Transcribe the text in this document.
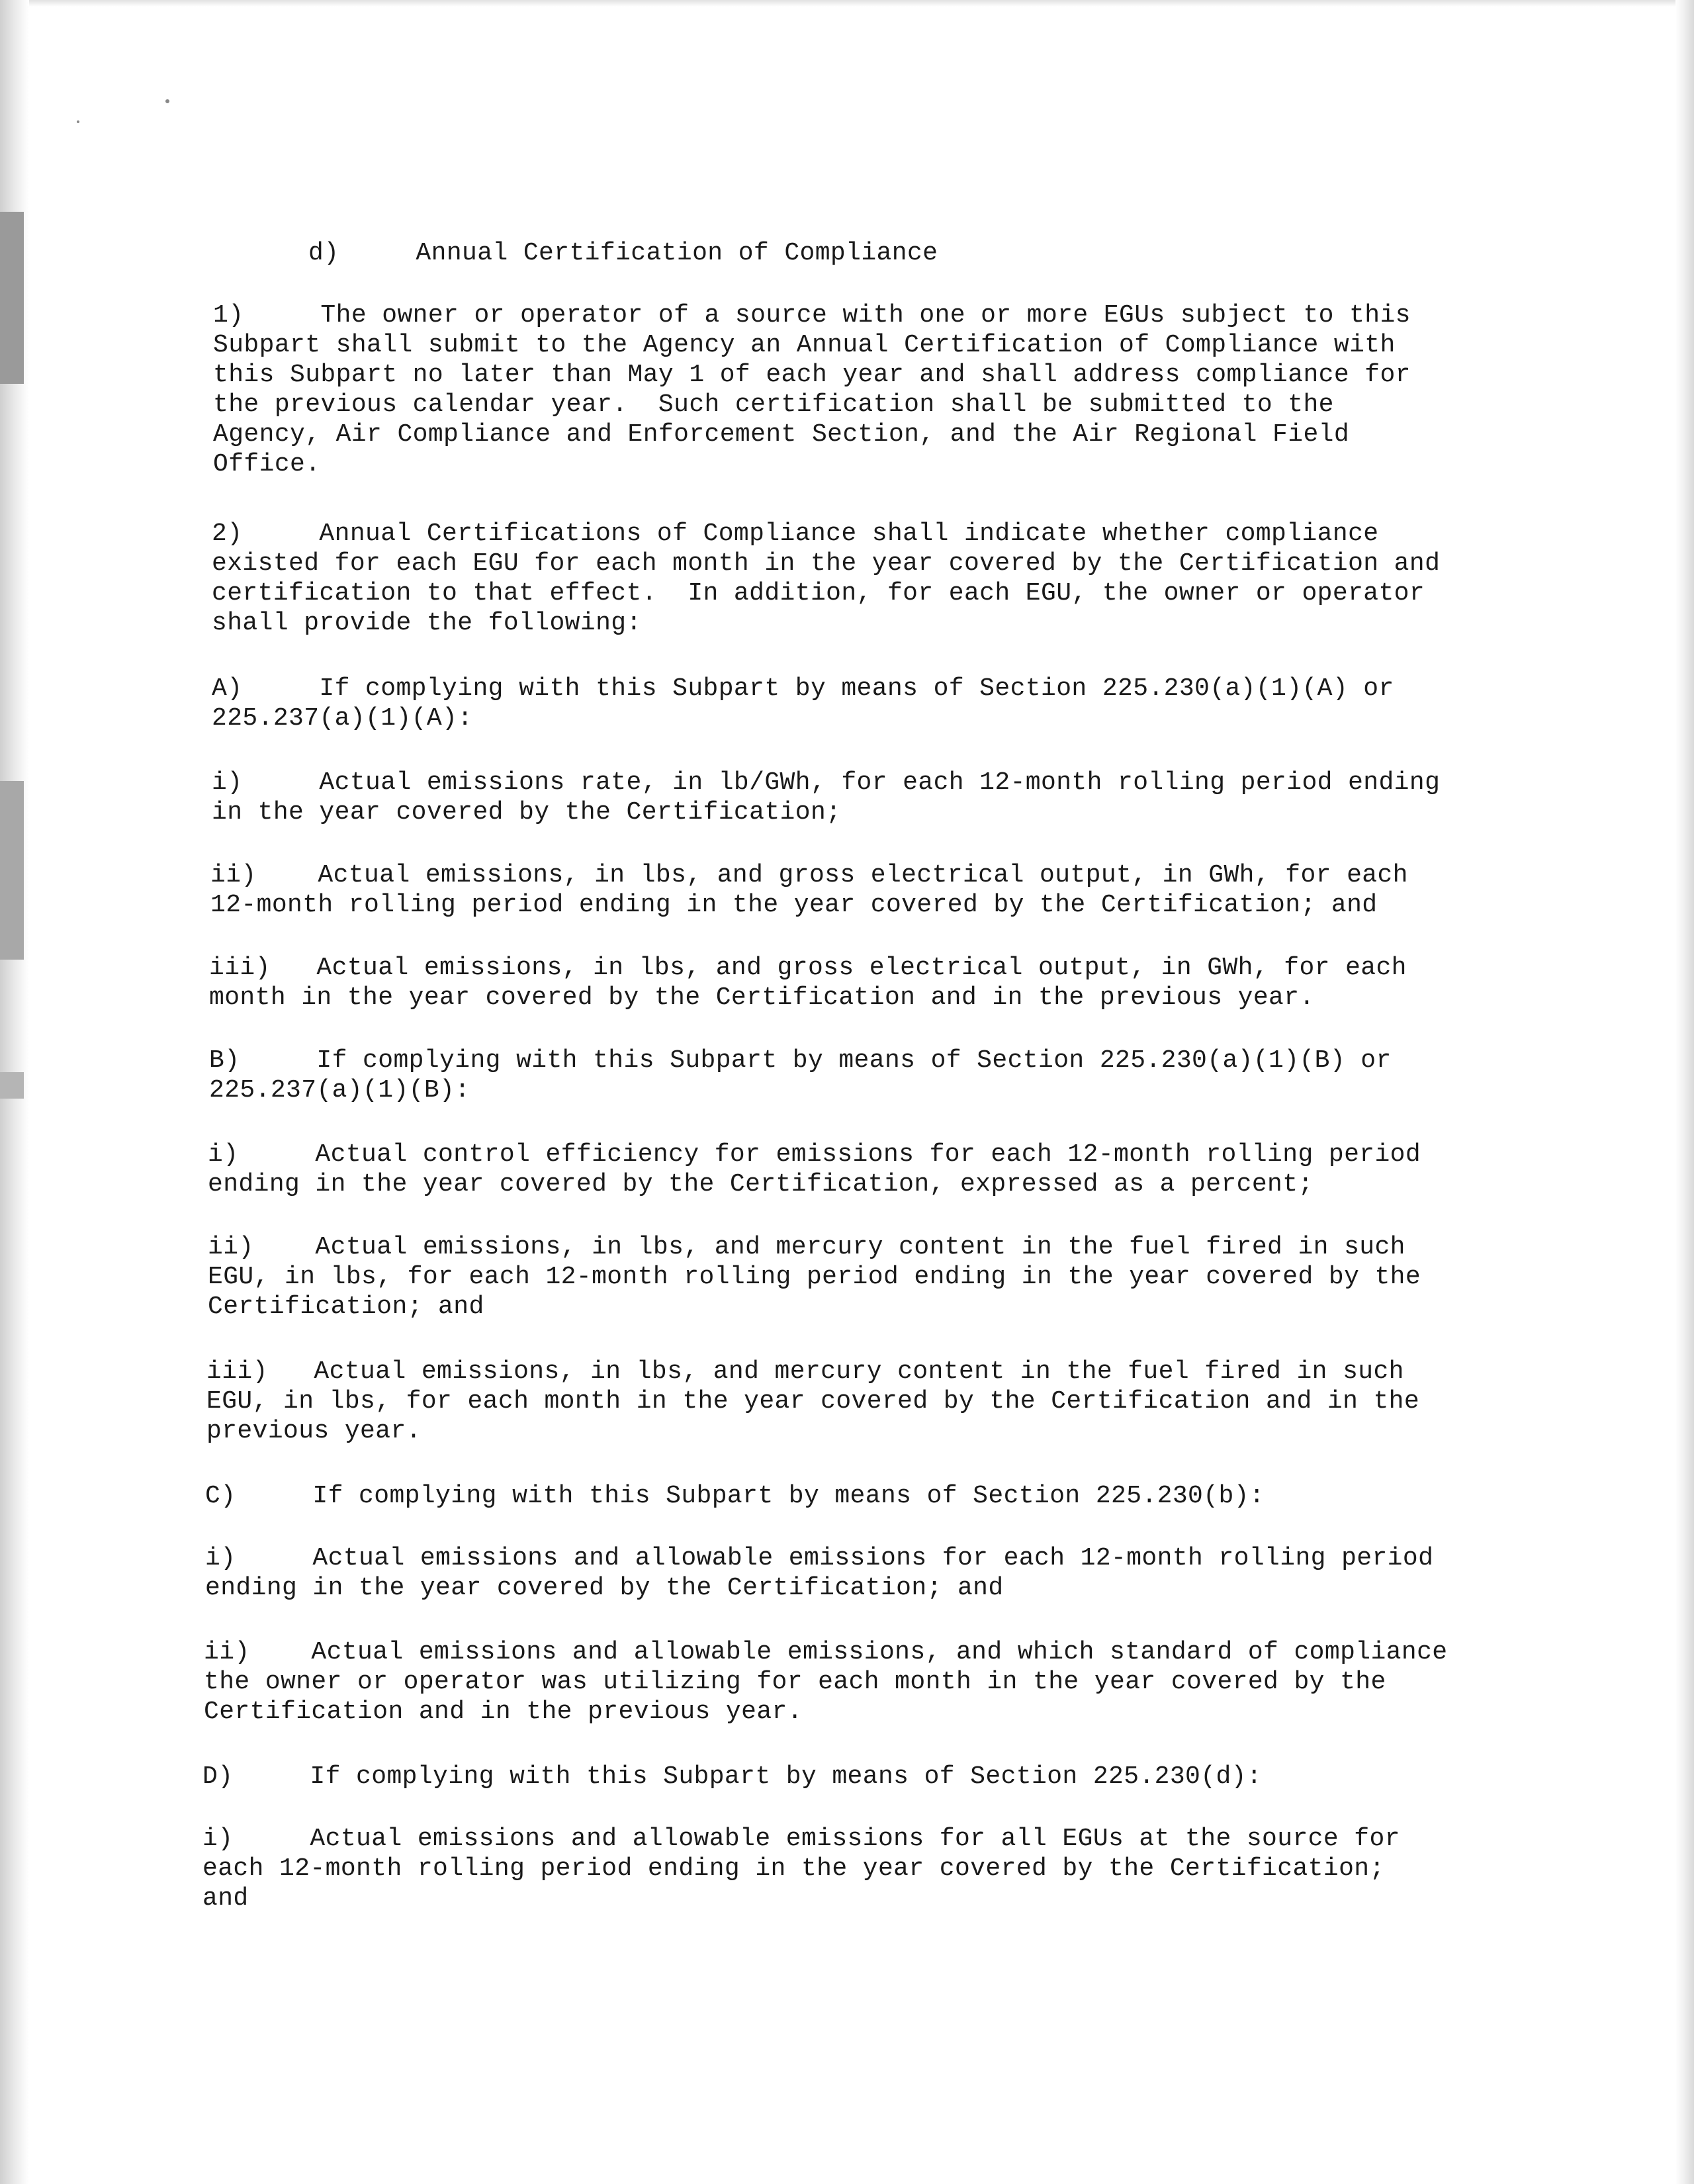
d)     Annual Certification of Compliance
1)     The owner or operator of a source with one or more EGUs subject to this
Subpart shall submit to the Agency an Annual Certification of Compliance with
this Subpart no later than May 1 of each year and shall address compliance for
the previous calendar year.  Such certification shall be submitted to the
Agency, Air Compliance and Enforcement Section, and the Air Regional Field
Office.
2)     Annual Certifications of Compliance shall indicate whether compliance
existed for each EGU for each month in the year covered by the Certification and
certification to that effect.  In addition, for each EGU, the owner or operator
shall provide the following:
A)     If complying with this Subpart by means of Section 225.230(a)(1)(A) or
225.237(a)(1)(A):
i)     Actual emissions rate, in lb/GWh, for each 12-month rolling period ending
in the year covered by the Certification;
ii)    Actual emissions, in lbs, and gross electrical output, in GWh, for each
12-month rolling period ending in the year covered by the Certification; and
iii)   Actual emissions, in lbs, and gross electrical output, in GWh, for each
month in the year covered by the Certification and in the previous year.
B)     If complying with this Subpart by means of Section 225.230(a)(1)(B) or
225.237(a)(1)(B):
i)     Actual control efficiency for emissions for each 12-month rolling period
ending in the year covered by the Certification, expressed as a percent;
ii)    Actual emissions, in lbs, and mercury content in the fuel fired in such
EGU, in lbs, for each 12-month rolling period ending in the year covered by the
Certification; and
iii)   Actual emissions, in lbs, and mercury content in the fuel fired in such
EGU, in lbs, for each month in the year covered by the Certification and in the
previous year.
C)     If complying with this Subpart by means of Section 225.230(b):
i)     Actual emissions and allowable emissions for each 12-month rolling period
ending in the year covered by the Certification; and
ii)    Actual emissions and allowable emissions, and which standard of compliance
the owner or operator was utilizing for each month in the year covered by the
Certification and in the previous year.
D)     If complying with this Subpart by means of Section 225.230(d):
i)     Actual emissions and allowable emissions for all EGUs at the source for
each 12-month rolling period ending in the year covered by the Certification;
and
